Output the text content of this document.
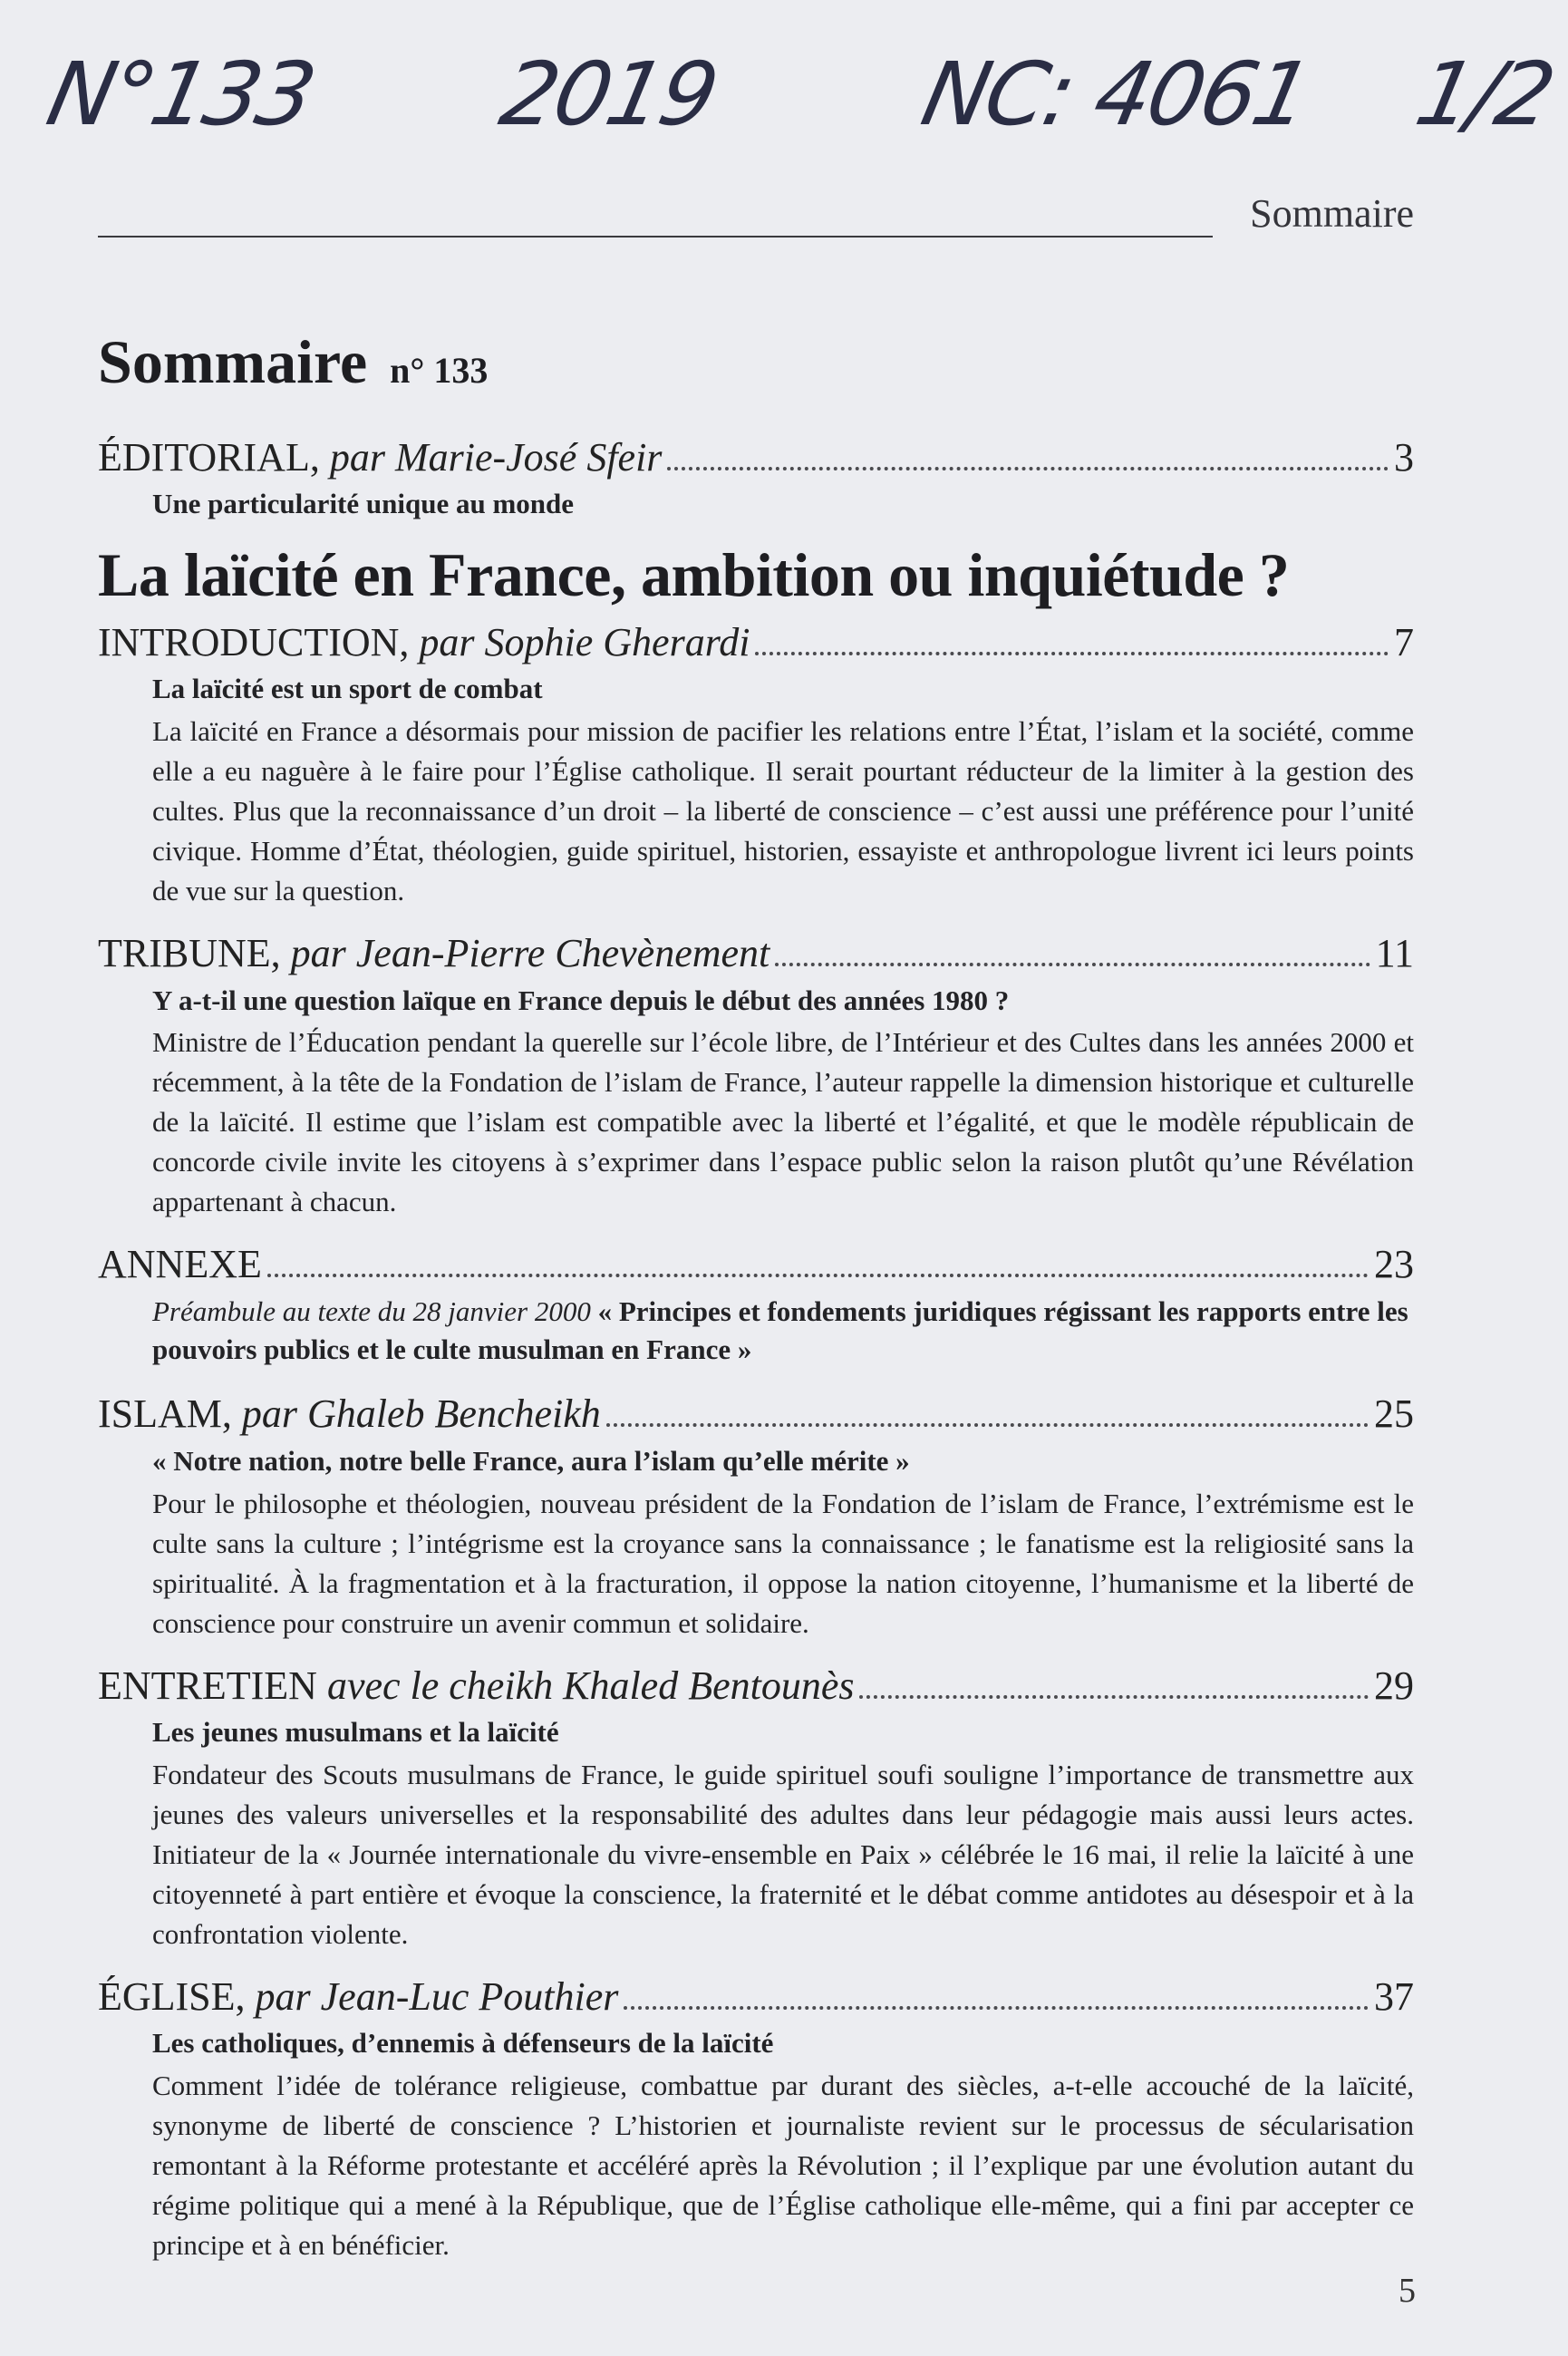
N°133 2019 NC: 4061 1/2
Sommaire
Sommaire n° 133
ÉDITORIAL, par Marie-José Sfeir	3
Une particularité unique au monde
La laïcité en France, ambition ou inquiétude ?
INTRODUCTION, par Sophie Gherardi	7
La laïcité est un sport de combat
La laïcité en France a désormais pour mission de pacifier les relations entre l’État, l’islam et la société, comme elle a eu naguère à le faire pour l’Église catholique. Il serait pourtant réducteur de la limiter à la gestion des cultes. Plus que la reconnaissance d’un droit – la liberté de conscience – c’est aussi une préférence pour l’unité civique. Homme d’État, théologien, guide spirituel, historien, essayiste et anthropologue livrent ici leurs points de vue sur la question.
TRIBUNE, par Jean-Pierre Chevènement	11
Y a-t-il une question laïque en France depuis le début des années 1980 ?
Ministre de l’Éducation pendant la querelle sur l’école libre, de l’Intérieur et des Cultes dans les années 2000 et récemment, à la tête de la Fondation de l’islam de France, l’auteur rappelle la dimension historique et culturelle de la laïcité. Il estime que l’islam est compatible avec la liberté et l’égalité, et que le modèle républicain de concorde civile invite les citoyens à s’exprimer dans l’espace public selon la raison plutôt qu’une Révélation appartenant à chacun.
ANNEXE	23
Préambule au texte du 28 janvier 2000 « Principes et fondements juridiques régissant les rapports entre les pouvoirs publics et le culte musulman en France »
ISLAM, par Ghaleb Bencheikh	25
« Notre nation, notre belle France, aura l’islam qu’elle mérite »
Pour le philosophe et théologien, nouveau président de la Fondation de l’islam de France, l’extrémisme est le culte sans la culture ; l’intégrisme est la croyance sans la connaissance ; le fanatisme est la religiosité sans la spiritualité. À la fragmentation et à la fracturation, il oppose la nation citoyenne, l’humanisme et la liberté de conscience pour construire un avenir commun et solidaire.
ENTRETIEN avec le cheikh Khaled Bentounès	29
Les jeunes musulmans et la laïcité
Fondateur des Scouts musulmans de France, le guide spirituel soufi souligne l’importance de transmettre aux jeunes des valeurs universelles et la responsabilité des adultes dans leur pédagogie mais aussi leurs actes. Initiateur de la « Journée internationale du vivre-ensemble en Paix » célébrée le 16 mai, il relie la laïcité à une citoyenneté à part entière et évoque la conscience, la fraternité et le débat comme antidotes au désespoir et à la confrontation violente.
ÉGLISE, par Jean-Luc Pouthier	37
Les catholiques, d’ennemis à défenseurs de la laïcité
Comment l’idée de tolérance religieuse, combattue par durant des siècles, a-t-elle accouché de la laïcité, synonyme de liberté de conscience ? L’historien et journaliste revient sur le processus de sécularisation remontant à la Réforme protestante et accéléré après la Révolution ; il l’explique par une évolution autant du régime politique qui a mené à la République, que de l’Église catholique elle-même, qui a fini par accepter ce principe et à en bénéficier.
5
